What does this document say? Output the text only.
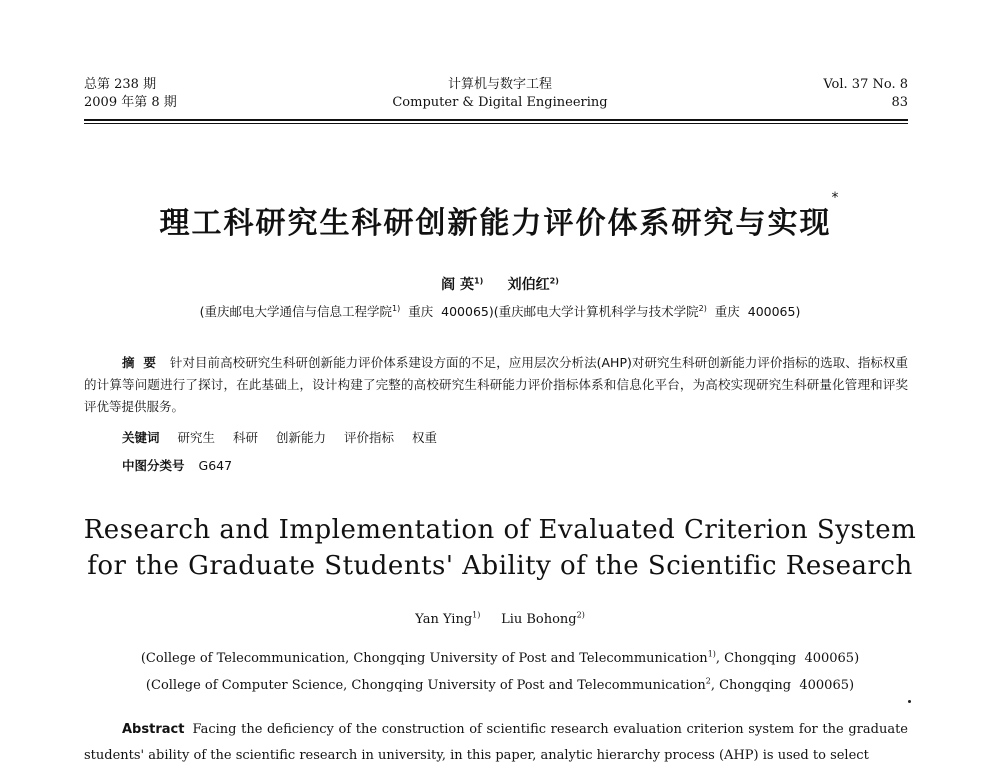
总第 238 期
2009 年第 8 期
计算机与数字工程
Computer & Digital Engineering
Vol. 37 No. 8
83
理工科研究生科研创新能力评价体系研究与实现*
阎 英$^{1)}$ 刘伯红$^{2)}$
(重庆邮电大学通信与信息工程学院$^{1)}$  重庆  400065)(重庆邮电大学计算机科学与技术学院$^{2)}$  重庆  400065)
摘  要 针对目前高校研究生科研创新能力评价体系建设方面的不足，应用层次分析法(AHP)对研究生科研创新能力评价指标的选取、指标权重的计算等问题进行了探讨，在此基础上，设计构建了完整的高校研究生科研能力评价指标体系和信息化平台，为高校实现研究生科研量化管理和评奖评优等提供服务。
关键词 研究生 科研 创新能力 评价指标 权重
中图分类号 G647
Research and Implementation of Evaluated Criterion System
for the Graduate Students' Ability of the Scientific Research
Yan Ying$^{1)}$ Liu Bohong$^{2)}$
(College of Telecommunication, Chongqing University of Post and Telecommunication$^{1)}$, Chongqing  400065)
(College of Computer Science, Chongqing University of Post and Telecommunication$^2$, Chongqing  400065)
Abstract Facing the deficiency of the construction of scientific research evaluation criterion system for the graduate students' ability of the scientific research in university, in this paper, analytic hierarchy process (AHP) is used to select
